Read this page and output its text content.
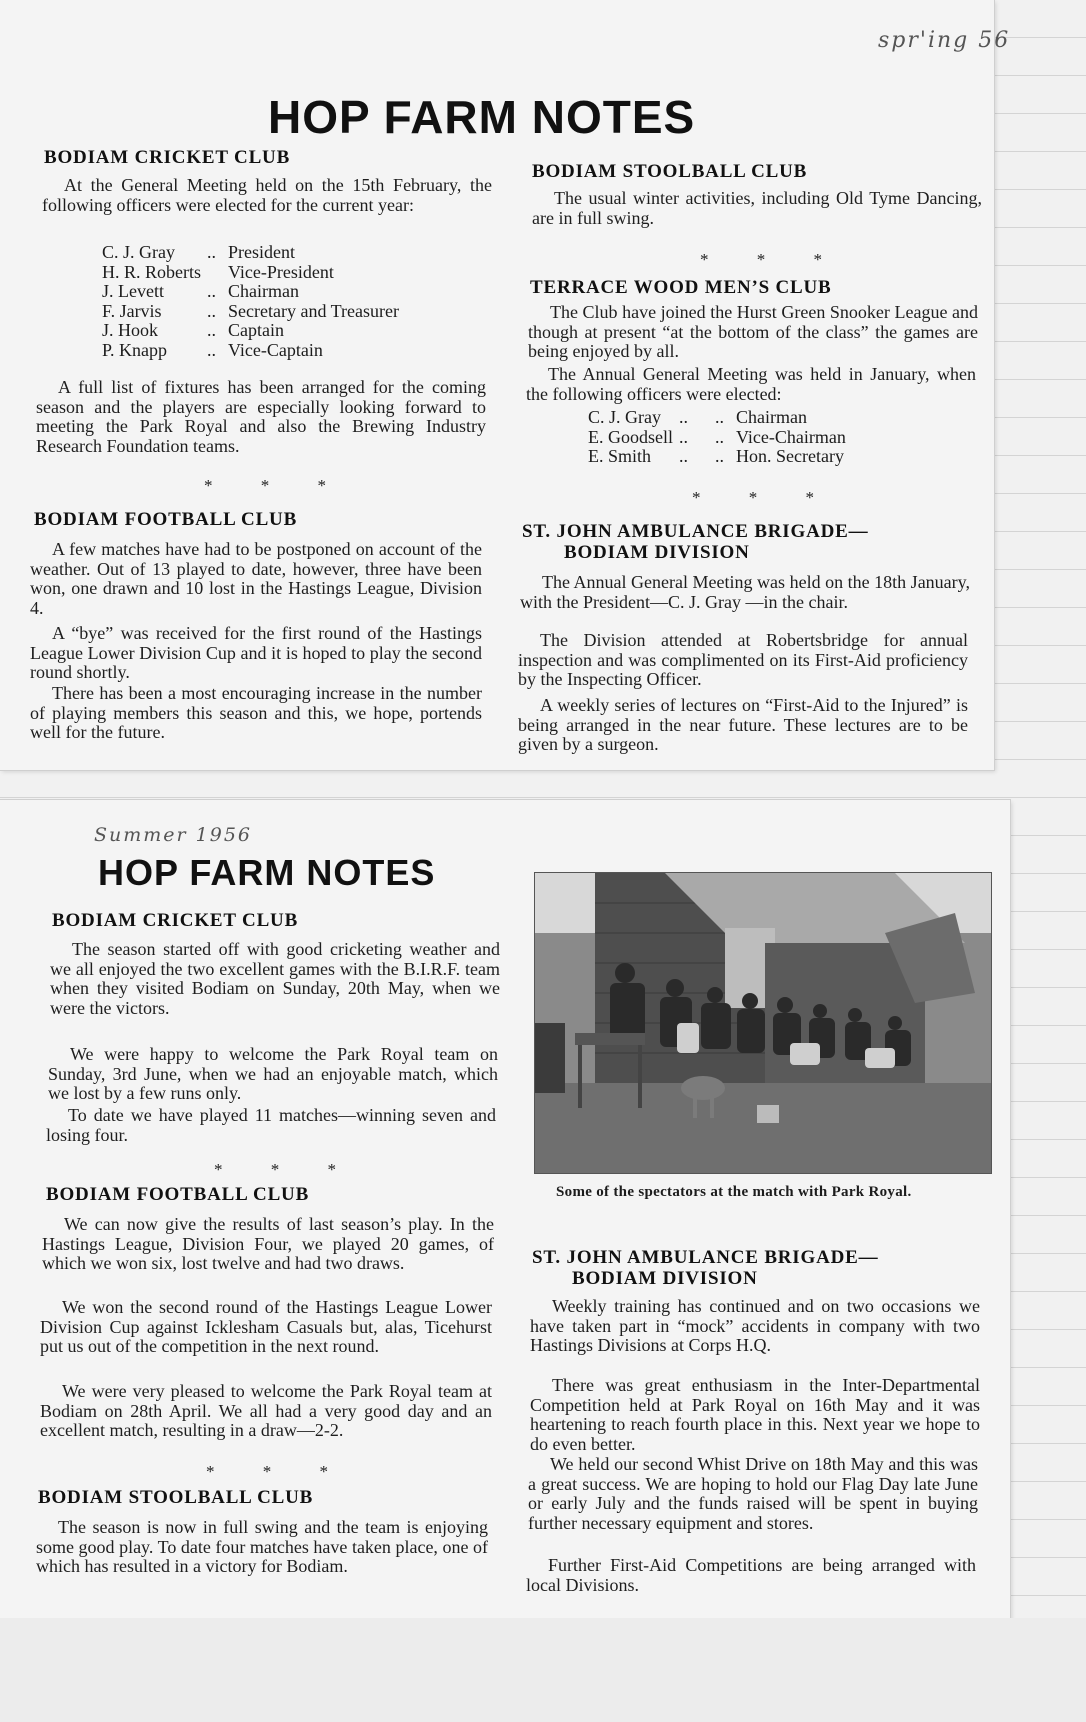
spr'ing 56
HOP FARM NOTES
BODIAM CRICKET CLUB
At the General Meeting held on the 15th February, the following officers were elected for the current year:
C. J. Gray	..	President
H. R. Roberts		Vice-President
J. Levett	..	Chairman
F. Jarvis	..	Secretary and Treasurer
J. Hook	..	Captain
P. Knapp	..	Vice-Captain
A full list of fixtures has been arranged for the coming season and the players are especially looking forward to meeting the Park Royal and also the Brewing Industry Research Foundation teams.
* * *
BODIAM FOOTBALL CLUB
A few matches have had to be postponed on account of the weather. Out of 13 played to date, however, three have been won, one drawn and 10 lost in the Hastings League, Division 4.
A “bye” was received for the first round of the Hastings League Lower Division Cup and it is hoped to play the second round shortly.
There has been a most encouraging increase in the number of playing members this season and this, we hope, portends well for the future.
BODIAM STOOLBALL CLUB
The usual winter activities, including Old Tyme Dancing, are in full swing.
* * *
TERRACE WOOD MEN’S CLUB
The Club have joined the Hurst Green Snooker League and though at present “at the bottom of the class” the games are being enjoyed by all.
The Annual General Meeting was held in January, when the following officers were elected:
C. J. Gray	..      ..	Chairman
E. Goodsell	..      ..	Vice-Chairman
E. Smith	..      ..	Hon. Secretary
* * *
ST. JOHN AMBULANCE BRIGADE—
BODIAM DIVISION
The Annual General Meeting was held on the 18th January, with the President—C. J. Gray —in the chair.
The Division attended at Robertsbridge for annual inspection and was complimented on its First-Aid proficiency by the Inspecting Officer.
A weekly series of lectures on “First-Aid to the Injured” is being arranged in the near future. These lectures are to be given by a surgeon.
Summer 1956
HOP FARM NOTES
BODIAM CRICKET CLUB
The season started off with good cricketing weather and we all enjoyed the two excellent games with the B.I.R.F. team when they visited Bodiam on Sunday, 20th May, when we were the victors.
We were happy to welcome the Park Royal team on Sunday, 3rd June, when we had an enjoyable match, which we lost by a few runs only.
To date we have played 11 matches—winning seven and losing four.
* * *
BODIAM FOOTBALL CLUB
We can now give the results of last season’s play. In the Hastings League, Division Four, we played 20 games, of which we won six, lost twelve and had two draws.
We won the second round of the Hastings League Lower Division Cup against Icklesham Casuals but, alas, Ticehurst put us out of the competition in the next round.
We were very pleased to welcome the Park Royal team at Bodiam on 28th April. We all had a very good day and an excellent match, resulting in a draw—2-2.
* * *
BODIAM STOOLBALL CLUB
The season is now in full swing and the team is enjoying some good play. To date four matches have taken place, one of which has resulted in a victory for Bodiam.
Some of the spectators at the match with Park Royal.
ST. JOHN AMBULANCE BRIGADE—
BODIAM DIVISION
Weekly training has continued and on two occasions we have taken part in “mock” accidents in company with two Hastings Divisions at Corps H.Q.
There was great enthusiasm in the Inter-Departmental Competition held at Park Royal on 16th May and it was heartening to reach fourth place in this. Next year we hope to do even better.
We held our second Whist Drive on 18th May and this was a great success. We are hoping to hold our Flag Day late June or early July and the funds raised will be spent in buying further necessary equipment and stores.
Further First-Aid Competitions are being arranged with local Divisions.
